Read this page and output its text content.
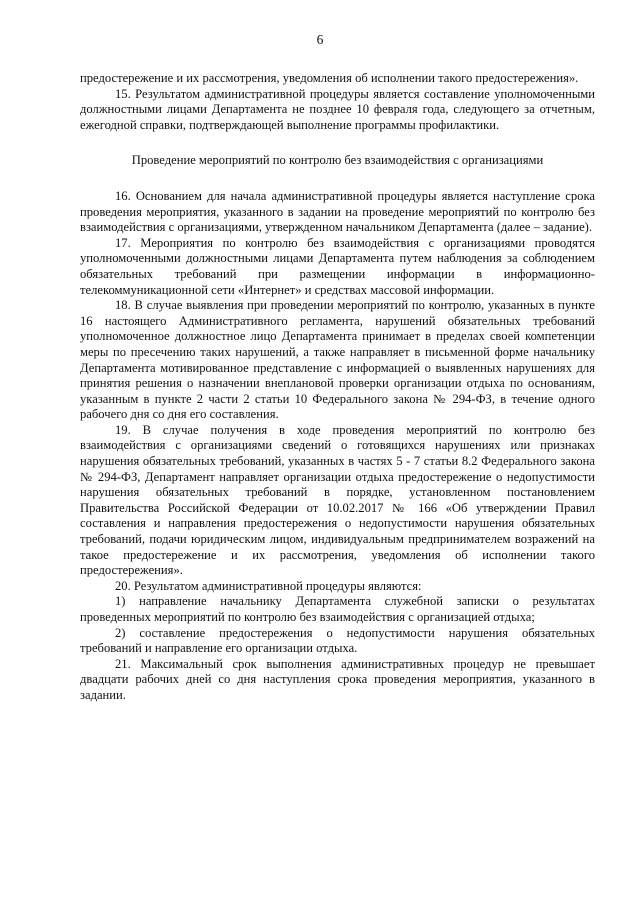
6

предостережение и их рассмотрения, уведомления об исполнении такого предостережения».

15. Результатом административной процедуры является составление уполномоченными должностными лицами Департамента не позднее 10 февраля года, следующего за отчетным, ежегодной справки, подтверждающей выполнение программы профилактики.

Проведение мероприятий по контролю без взаимодействия с организациями

16. Основанием для начала административной процедуры является наступление срока проведения мероприятия, указанного в задании на проведение мероприятий по контролю без взаимодействия с организациями, утвержденном начальником Департамента (далее – задание).

17. Мероприятия по контролю без взаимодействия с организациями проводятся уполномоченными должностными лицами Департамента путем наблюдения за соблюдением обязательных требований при размещении информации в информационно-телекоммуникационной сети «Интернет» и средствах массовой информации.

18. В случае выявления при проведении мероприятий по контролю, указанных в пункте 16 настоящего Административного регламента, нарушений обязательных требований уполномоченное должностное лицо Департамента принимает в пределах своей компетенции меры по пресечению таких нарушений, а также направляет в письменной форме начальнику Департамента мотивированное представление с информацией о выявленных нарушениях для принятия решения о назначении внеплановой проверки организации отдыха по основаниям, указанным в пункте 2 части 2 статьи 10 Федерального закона № 294-ФЗ, в течение одного рабочего дня со дня его составления.

19. В случае получения в ходе проведения мероприятий по контролю без взаимодействия с организациями сведений о готовящихся нарушениях или признаках нарушения обязательных требований, указанных в частях 5 - 7 статьи 8.2 Федерального закона № 294-ФЗ, Департамент направляет организации отдыха предостережение о недопустимости нарушения обязательных требований в порядке, установленном постановлением Правительства Российской Федерации от 10.02.2017 № 166 «Об утверждении Правил составления и направления предостережения о недопустимости нарушения обязательных требований, подачи юридическим лицом, индивидуальным предпринимателем возражений на такое предостережение и их рассмотрения, уведомления об исполнении такого предостережения».

20. Результатом административной процедуры являются:

1) направление начальнику Департамента служебной записки о результатах проведенных мероприятий по контролю без взаимодействия с организацией отдыха;

2) составление предостережения о недопустимости нарушения обязательных требований и направление его организации отдыха.

21. Максимальный срок выполнения административных процедур не превышает двадцати рабочих дней со дня наступления срока проведения мероприятия, указанного в задании.
